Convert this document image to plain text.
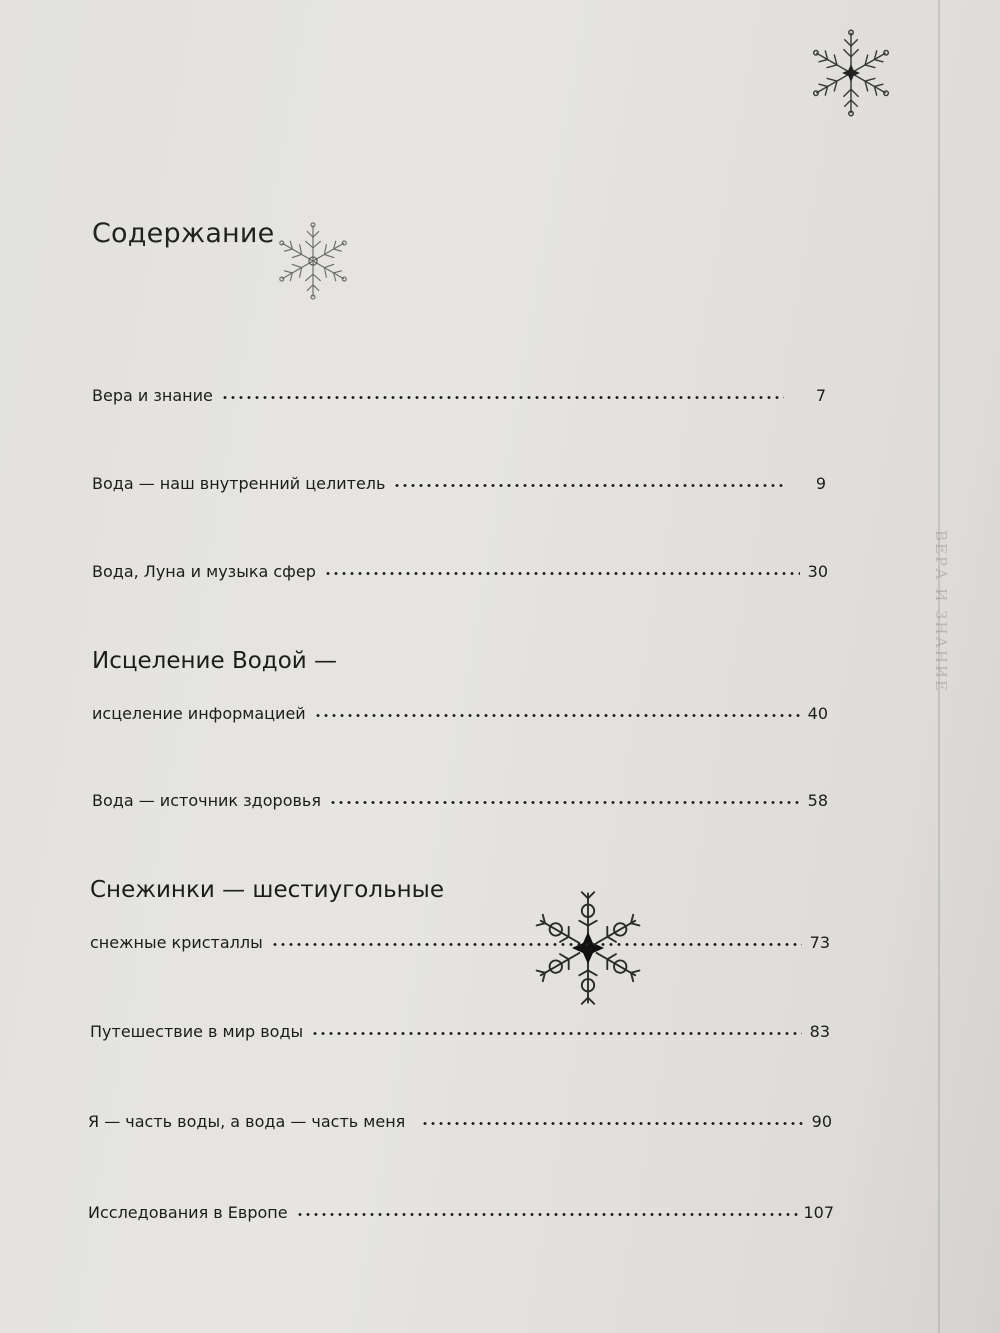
ВЕРА И ЗНАНИЕ
Содержание
Вера и знание	7
Вода — наш внутренний целитель	9
Вода, Луна и музыка сфер	30
Исцеление Водой —
исцеление информацией	40
Вода — источник здоровья	58
Снежинки — шестиугольные
снежные кристаллы	73
Путешествие в мир воды	83
Я — часть воды, а вода — часть меня	90
Исследования в Европе	107
